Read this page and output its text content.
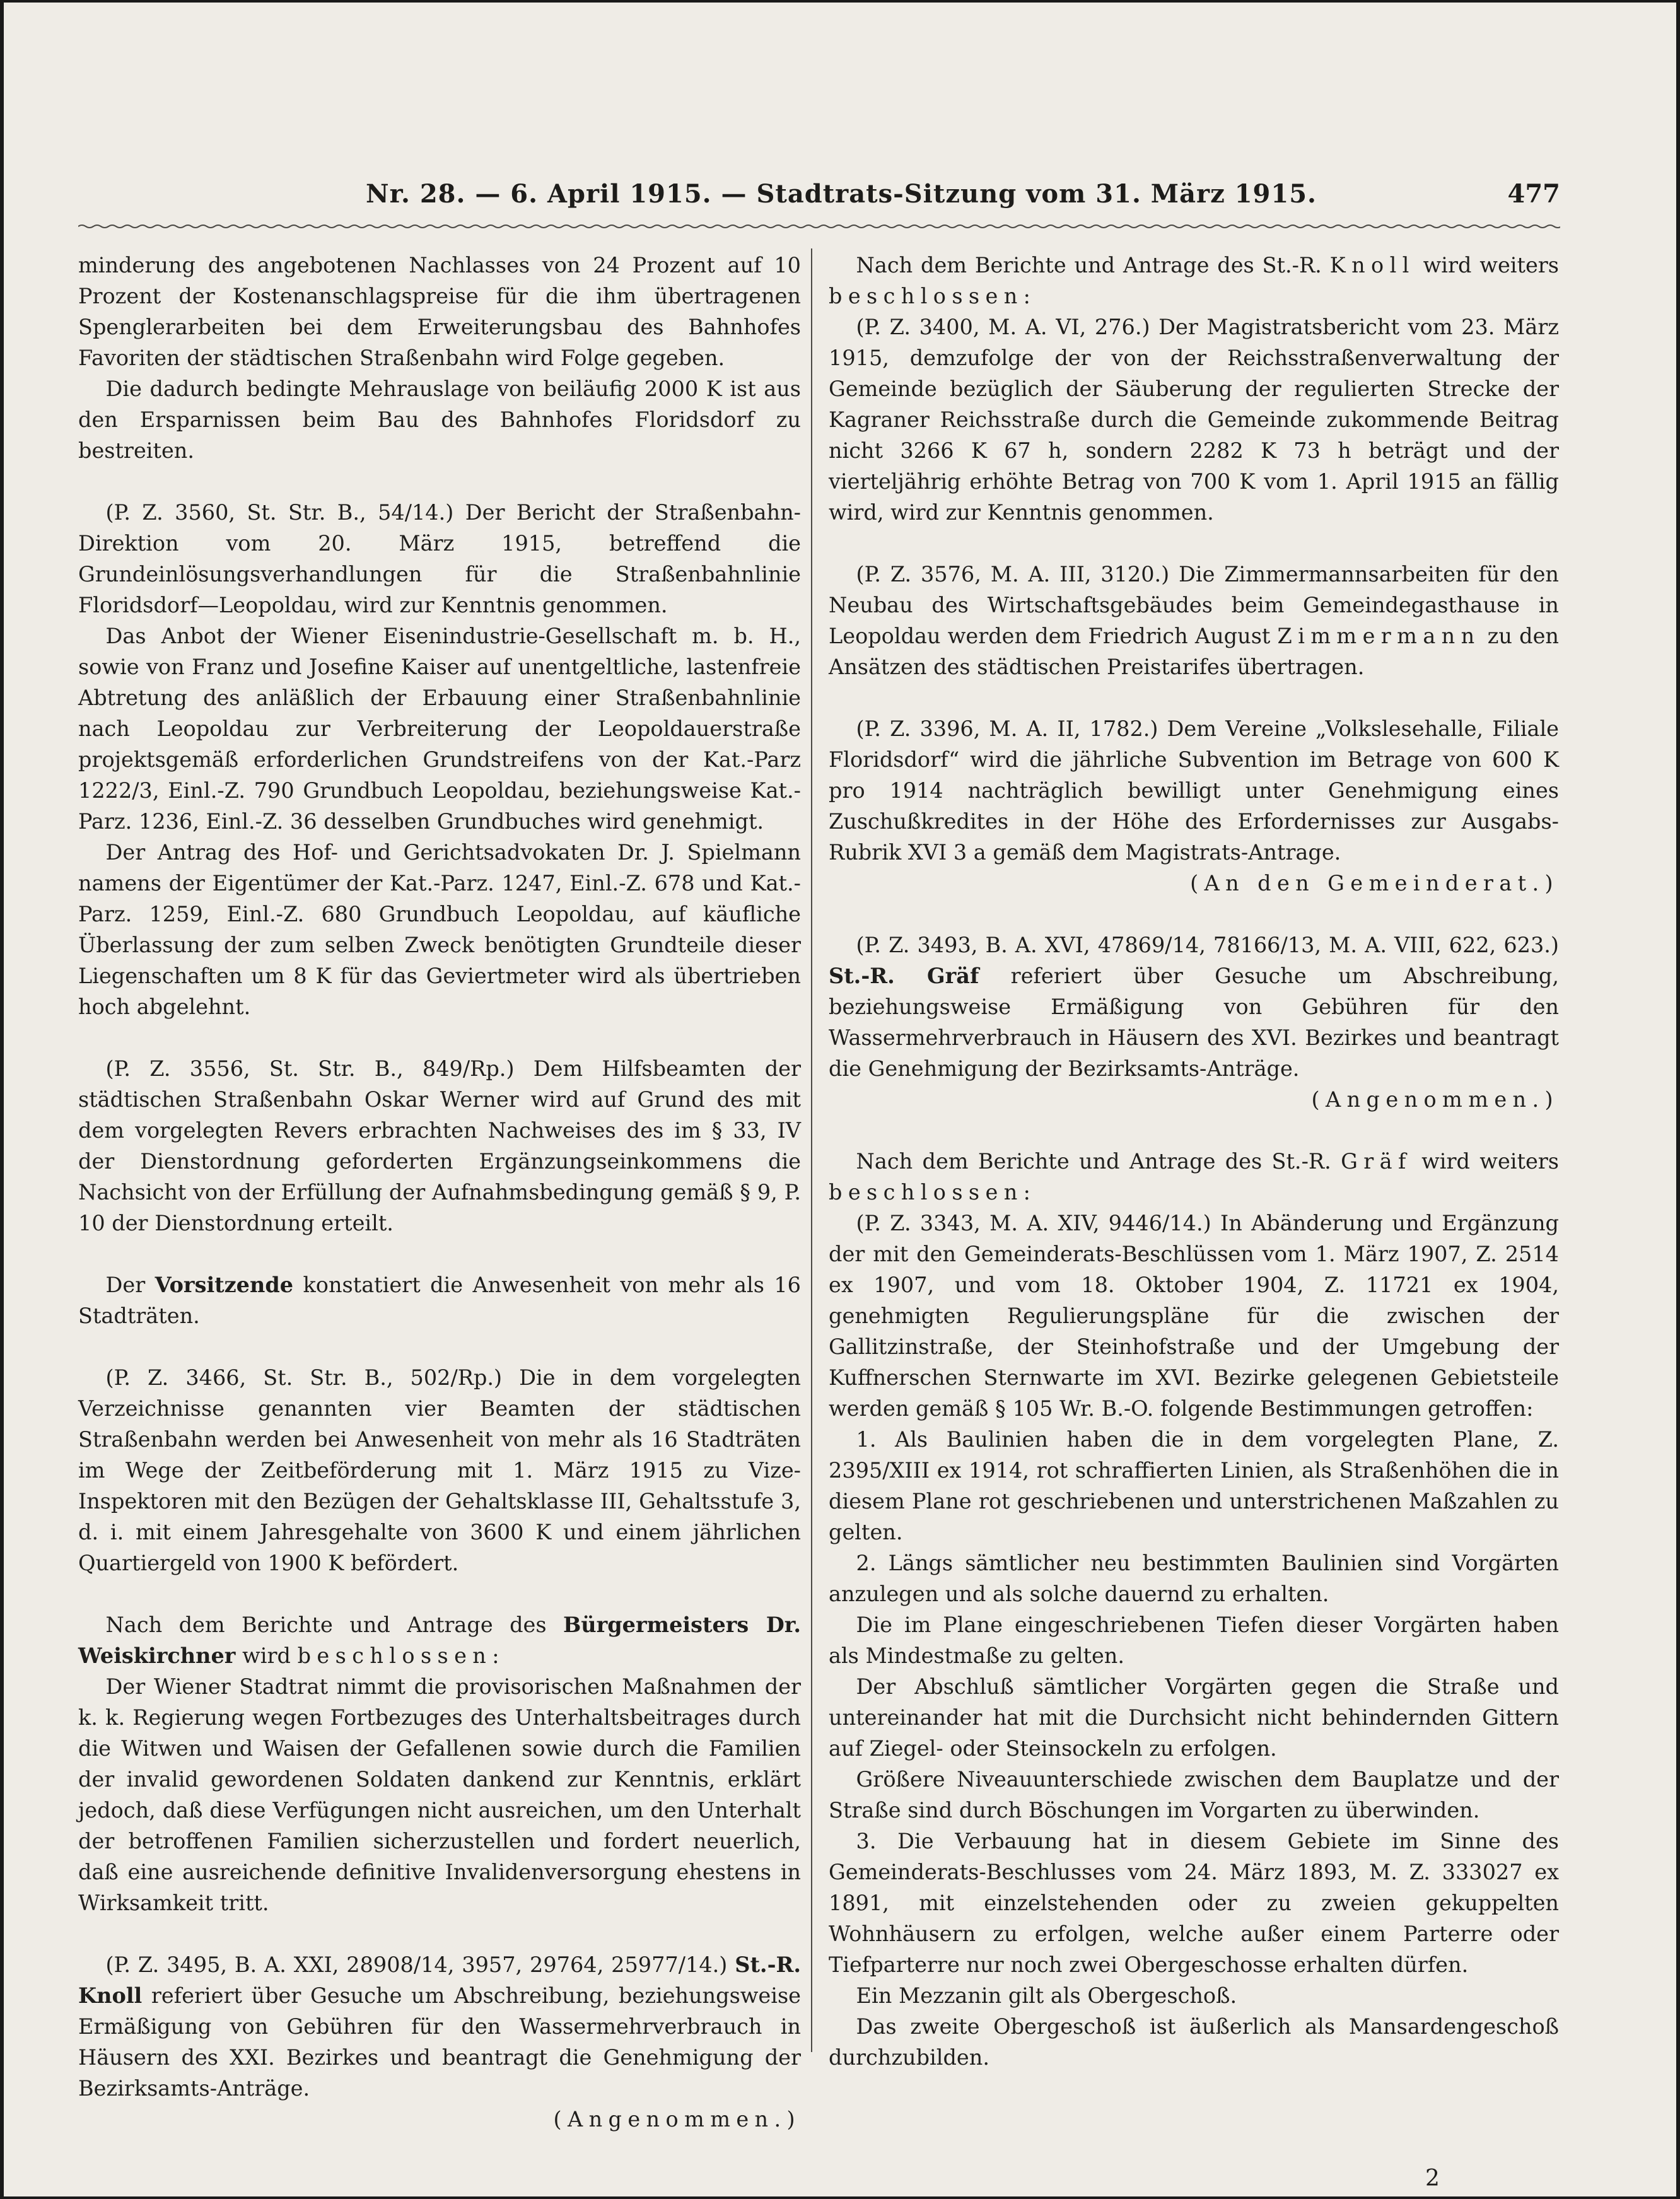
Nr. 28. — 6. April 1915. — Stadtrats-Sitzung vom 31. März 1915.	477

minderung des angebotenen Nachlasses von 24 Prozent auf 10 Prozent der Kostenanschlagspreise für die ihm übertragenen Spenglerarbeiten bei dem Erweiterungsbau des Bahnhofes Favoriten der städtischen Straßenbahn wird Folge gegeben.

Die dadurch bedingte Mehrauslage von beiläufig 2000 K ist aus den Ersparnissen beim Bau des Bahnhofes Floridsdorf zu bestreiten.

(P. Z. 3560, St. Str. B., 54/14.) Der Bericht der Straßenbahn-Direktion vom 20. März 1915, betreffend die Grundeinlösungsverhandlungen für die Straßenbahnlinie Floridsdorf—Leopoldau, wird zur Kenntnis genommen.

Das Anbot der Wiener Eisenindustrie-Gesellschaft m. b. H., sowie von Franz und Josefine Kaiser auf unentgeltliche, lastenfreie Abtretung des anläßlich der Erbauung einer Straßenbahnlinie nach Leopoldau zur Verbreiterung der Leopoldauerstraße projektsgemäß erforderlichen Grundstreifens von der Kat.-Parz 1222/3, Einl.-Z. 790 Grundbuch Leopoldau, beziehungsweise Kat.-Parz. 1236, Einl.-Z. 36 desselben Grundbuches wird genehmigt.

Der Antrag des Hof- und Gerichtsadvokaten Dr. J. Spielmann namens der Eigentümer der Kat.-Parz. 1247, Einl.-Z. 678 und Kat.-Parz. 1259, Einl.-Z. 680 Grundbuch Leopoldau, auf käufliche Überlassung der zum selben Zweck benötigten Grundteile dieser Liegenschaften um 8 K für das Geviertmeter wird als übertrieben hoch abgelehnt.

(P. Z. 3556, St. Str. B., 849/Rp.) Dem Hilfsbeamten der städtischen Straßenbahn Oskar Werner wird auf Grund des mit dem vorgelegten Revers erbrachten Nachweises des im § 33, IV der Dienstordnung geforderten Ergänzungseinkommens die Nachsicht von der Erfüllung der Aufnahmsbedingung gemäß § 9, P. 10 der Dienstordnung erteilt.

Der Vorsitzende konstatiert die Anwesenheit von mehr als 16 Stadträten.

(P. Z. 3466, St. Str. B., 502/Rp.) Die in dem vorgelegten Verzeichnisse genannten vier Beamten der städtischen Straßenbahn werden bei Anwesenheit von mehr als 16 Stadträten im Wege der Zeitbeförderung mit 1. März 1915 zu Vize-Inspektoren mit den Bezügen der Gehaltsklasse III, Gehaltsstufe 3, d. i. mit einem Jahresgehalte von 3600 K und einem jährlichen Quartiergeld von 1900 K befördert.

Nach dem Berichte und Antrage des Bürgermeisters Dr. Weiskirchner wird beschlossen:

Der Wiener Stadtrat nimmt die provisorischen Maßnahmen der k. k. Regierung wegen Fortbezuges des Unterhaltsbeitrages durch die Witwen und Waisen der Gefallenen sowie durch die Familien der invalid gewordenen Soldaten dankend zur Kenntnis, erklärt jedoch, daß diese Verfügungen nicht ausreichen, um den Unterhalt der betroffenen Familien sicherzustellen und fordert neuerlich, daß eine ausreichende definitive Invalidenversorgung ehestens in Wirksamkeit tritt.

(P. Z. 3495, B. A. XXI, 28908/14, 3957, 29764, 25977/14.) St.-R. Knoll referiert über Gesuche um Abschreibung, beziehungsweise Ermäßigung von Gebühren für den Wassermehrverbrauch in Häusern des XXI. Bezirkes und beantragt die Genehmigung der Bezirksamts-Anträge.

(Angenommen.)

Nach dem Berichte und Antrage des St.-R. Knoll wird weiters beschlossen:

(P. Z. 3400, M. A. VI, 276.) Der Magistratsbericht vom 23. März 1915, demzufolge der von der Reichsstraßenverwaltung der Gemeinde bezüglich der Säuberung der regulierten Strecke der Kagraner Reichsstraße durch die Gemeinde zukommende Beitrag nicht 3266 K 67 h, sondern 2282 K 73 h beträgt und der vierteljährig erhöhte Betrag von 700 K vom 1. April 1915 an fällig wird, wird zur Kenntnis genommen.

(P. Z. 3576, M. A. III, 3120.) Die Zimmermannsarbeiten für den Neubau des Wirtschaftsgebäudes beim Gemeindegasthause in Leopoldau werden dem Friedrich August Zimmermann zu den Ansätzen des städtischen Preistarifes übertragen.

(P. Z. 3396, M. A. II, 1782.) Dem Vereine „Volkslesehalle, Filiale Floridsdorf“ wird die jährliche Subvention im Betrage von 600 K pro 1914 nachträglich bewilligt unter Genehmigung eines Zuschußkredites in der Höhe des Erfordernisses zur Ausgabs-Rubrik XVI 3 a gemäß dem Magistrats-Antrage.

(An den Gemeinderat.)

(P. Z. 3493, B. A. XVI, 47869/14, 78166/13, M. A. VIII, 622, 623.) St.-R. Gräf referiert über Gesuche um Abschreibung, beziehungsweise Ermäßigung von Gebühren für den Wassermehrverbrauch in Häusern des XVI. Bezirkes und beantragt die Genehmigung der Bezirksamts-Anträge.

(Angenommen.)

Nach dem Berichte und Antrage des St.-R. Gräf wird weiters beschlossen:

(P. Z. 3343, M. A. XIV, 9446/14.) In Abänderung und Ergänzung der mit den Gemeinderats-Beschlüssen vom 1. März 1907, Z. 2514 ex 1907, und vom 18. Oktober 1904, Z. 11721 ex 1904, genehmigten Regulierungspläne für die zwischen der Gallitzinstraße, der Steinhofstraße und der Umgebung der Kuffnerschen Sternwarte im XVI. Bezirke gelegenen Gebietsteile werden gemäß § 105 Wr. B.-O. folgende Bestimmungen getroffen:

1. Als Baulinien haben die in dem vorgelegten Plane, Z. 2395/XIII ex 1914, rot schraffierten Linien, als Straßenhöhen die in diesem Plane rot geschriebenen und unterstrichenen Maßzahlen zu gelten.

2. Längs sämtlicher neu bestimmten Baulinien sind Vorgärten anzulegen und als solche dauernd zu erhalten.

Die im Plane eingeschriebenen Tiefen dieser Vorgärten haben als Mindestmaße zu gelten.

Der Abschluß sämtlicher Vorgärten gegen die Straße und untereinander hat mit die Durchsicht nicht behindernden Gittern auf Ziegel- oder Steinsockeln zu erfolgen.

Größere Niveauunterschiede zwischen dem Bauplatze und der Straße sind durch Böschungen im Vorgarten zu überwinden.

3. Die Verbauung hat in diesem Gebiete im Sinne des Gemeinderats-Beschlusses vom 24. März 1893, M. Z. 333027 ex 1891, mit einzelstehenden oder zu zweien gekuppelten Wohnhäusern zu erfolgen, welche außer einem Parterre oder Tiefparterre nur noch zwei Obergeschosse erhalten dürfen.

Ein Mezzanin gilt als Obergeschoß.

Das zweite Obergeschoß ist äußerlich als Mansardengeschoß durchzubilden.

2
